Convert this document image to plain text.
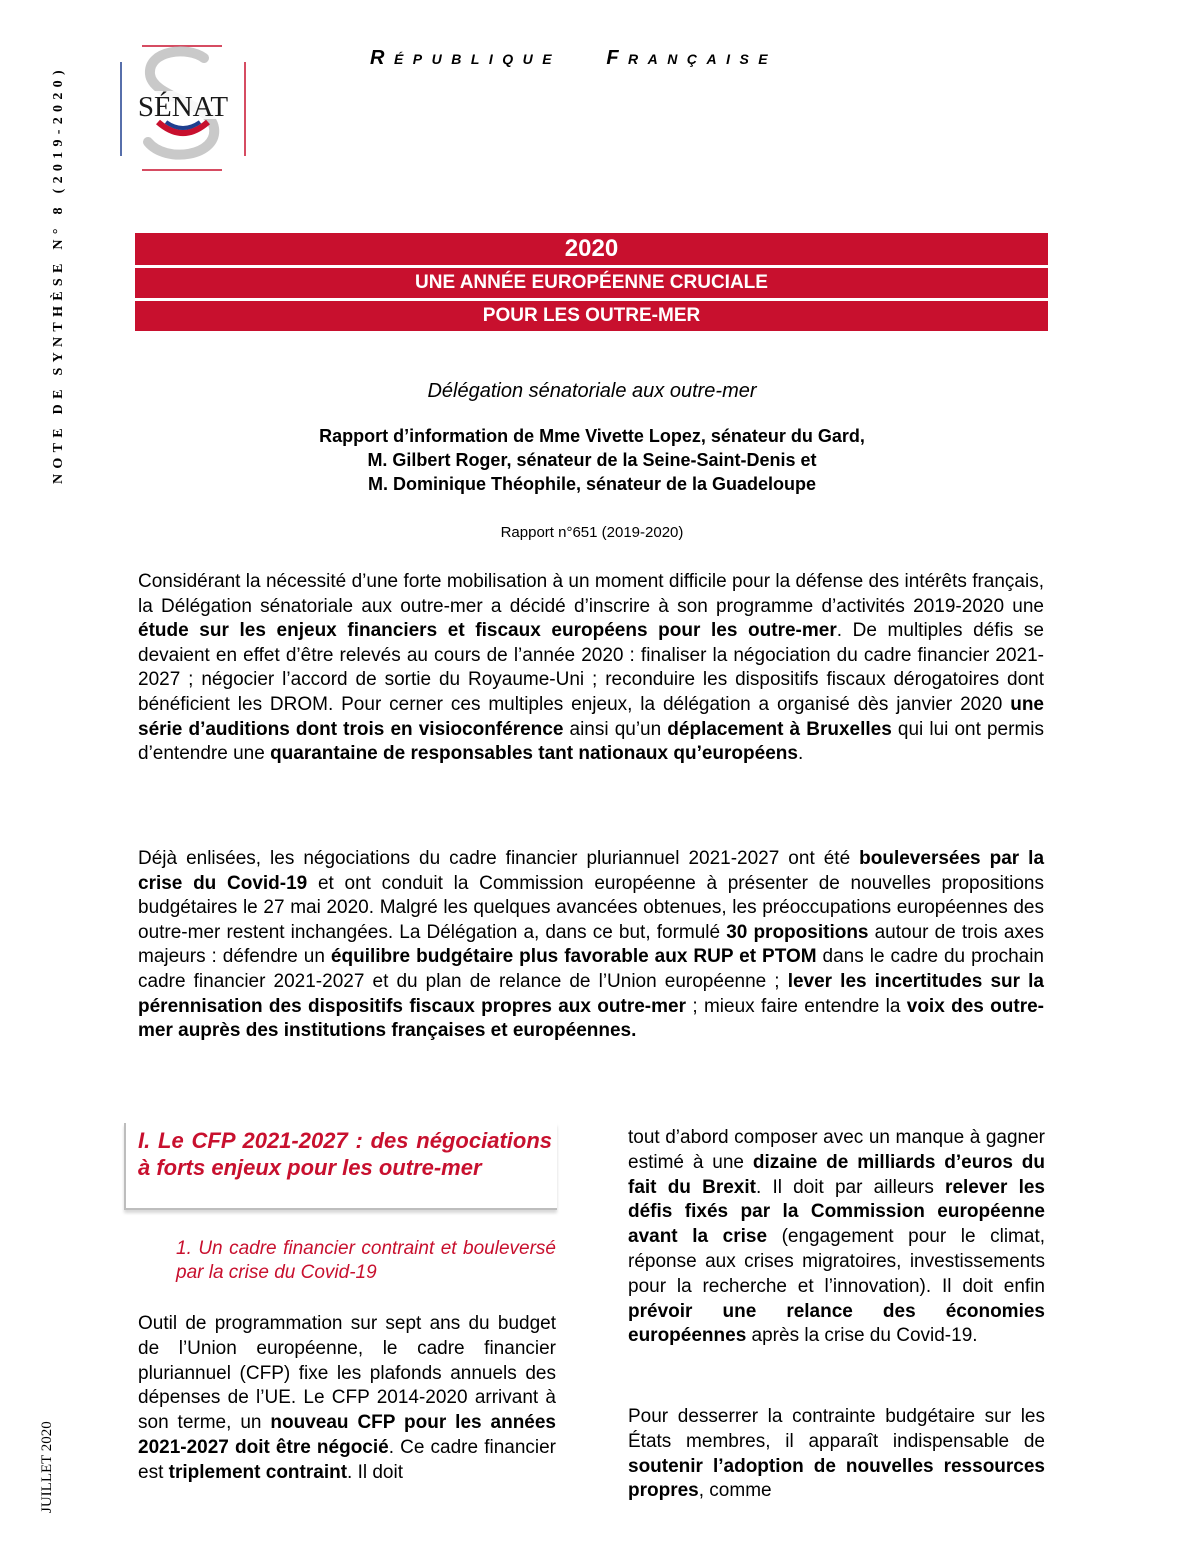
NOTE DE SYNTHÈSE N° 8 (2019-2020)
JUILLET 2020
SÉNAT
RÉPUBLIQUE FRANÇAISE
2020
UNE ANNÉE EUROPÉENNE CRUCIALE
POUR LES OUTRE-MER
Délégation sénatoriale aux outre-mer
Rapport d’information de Mme Vivette Lopez, sénateur du Gard,
M. Gilbert Roger, sénateur de la Seine-Saint-Denis et
M. Dominique Théophile, sénateur de la Guadeloupe
Rapport n°651 (2019-2020)

Considérant la nécessité d’une forte mobilisation à un moment difficile pour la défense des intérêts français, la Délégation sénatoriale aux outre-mer a décidé d’inscrire à son programme d’activités 2019-2020 une étude sur les enjeux financiers et fiscaux européens pour les outre-mer. De multiples défis se devaient en effet d’être relevés au cours de l’année 2020 : finaliser la négociation du cadre financier 2021-2027 ; négocier l’accord de sortie du Royaume-Uni ; reconduire les dispositifs fiscaux dérogatoires dont bénéficient les DROM. Pour cerner ces multiples enjeux, la délégation a organisé dès janvier 2020 une série d’auditions dont trois en visioconférence ainsi qu’un déplacement à Bruxelles qui lui ont permis d’entendre une quarantaine de responsables tant nationaux qu’européens.

Déjà enlisées, les négociations du cadre financier pluriannuel 2021-2027 ont été bouleversées par la crise du Covid-19 et ont conduit la Commission européenne à présenter de nouvelles propositions budgétaires le 27 mai 2020. Malgré les quelques avancées obtenues, les préoccupations européennes des outre-mer restent inchangées. La Délégation a, dans ce but, formulé 30 propositions autour de trois axes majeurs : défendre un équilibre budgétaire plus favorable aux RUP et PTOM dans le cadre du prochain cadre financier 2021-2027 et du plan de relance de l’Union européenne ; lever les incertitudes sur la pérennisation des dispositifs fiscaux propres aux outre-mer ; mieux faire entendre la voix des outre-mer auprès des institutions françaises et européennes.

I. Le CFP 2021-2027 : des négociations à forts enjeux pour les outre-mer

1. Un cadre financier contraint et bouleversé par la crise du Covid-19

Outil de programmation sur sept ans du budget de l’Union européenne, le cadre financier pluriannuel (CFP) fixe les plafonds annuels des dépenses de l’UE. Le CFP 2014-2020 arrivant à son terme, un nouveau CFP pour les années 2021-2027 doit être négocié. Ce cadre financier est triplement contraint. Il doit

tout d’abord composer avec un manque à gagner estimé à une dizaine de milliards d’euros du fait du Brexit. Il doit par ailleurs relever les défis fixés par la Commission européenne avant la crise (engagement pour le climat, réponse aux crises migratoires, investissements pour la recherche et l’innovation). Il doit enfin prévoir une relance des économies européennes après la crise du Covid-19.

Pour desserrer la contrainte budgétaire sur les États membres, il apparaît indispensable de soutenir l’adoption de nouvelles ressources propres, comme
